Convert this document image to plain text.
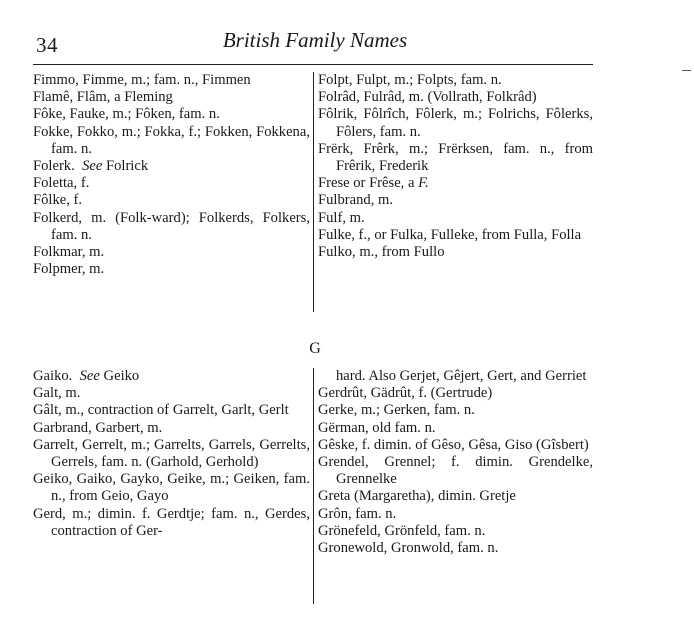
34	British Family Names

Fimmo, Fimme, m.; fam. n., Fimmen

Flamê, Flâm, a Fleming

Fôke, Fauke, m.; Fôken, fam. n.

Fokke, Fokko, m.; Fokka, f.; Fokken, Fokkena, fam. n.

Folerk. See Folrick

Foletta, f.

Fôlke, f.

Folkerd, m. (Folk-ward); Folkerds, Folkers, fam. n.

Folkmar, m.

Folpmer, m.

Folpt, Fulpt, m.; Folpts, fam. n.

Folrâd, Fulrâd, m. (Vollrath, Folkrâd)

Fôlrik, Fôlrîch, Fôlerk, m.; Folrichs, Fôlerks, Fôlers, fam. n.

Frërk, Frêrk, m.; Frërksen, fam. n., from Frêrik, Frederik

Frese or Frêse, a F.

Fulbrand, m.

Fulf, m.

Fulke, f., or Fulka, Fulleke, from Fulla, Folla

Fulko, m., from Fullo

G

Gaiko. See Geiko

Galt, m.

Gâlt, m., contraction of Garrelt, Garlt, Gerlt

Garbrand, Garbert, m.

Garrelt, Gerrelt, m.; Garrelts, Garrels, Gerrelts, Gerrels, fam. n. (Garhold, Gerhold)

Geiko, Gaiko, Gayko, Geike, m.; Geiken, fam. n., from Geio, Gayo

Gerd, m.; dimin. f. Gerdtje; fam. n., Gerdes, contraction of Ger-

hard. Also Gerjet, Gêjert, Gert, and Gerriet

Gerdrût, Gädrût, f. (Gertrude)

Gerke, m.; Gerken, fam. n.

Gërman, old fam. n.

Gêske, f. dimin. of Gêso, Gêsa, Giso (Gîsbert)

Grendel, Grennel; f. dimin. Grendelke, Grennelke

Greta (Margaretha), dimin. Gretje

Grôn, fam. n.

Grönefeld, Grönfeld, fam. n.

Gronewold, Gronwold, fam. n.
